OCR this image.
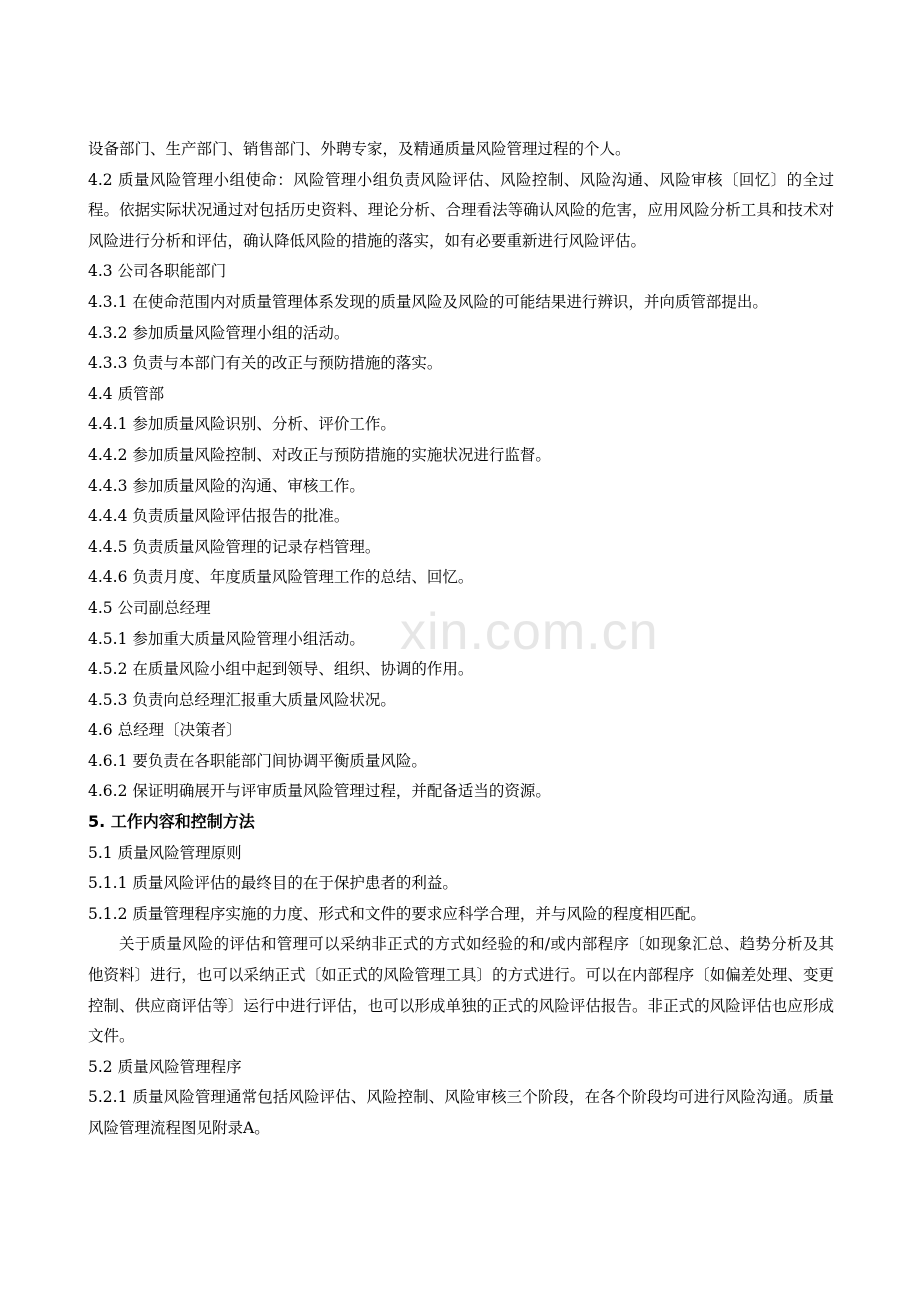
xin.com.cn

设备部门、生产部门、销售部门、外聘专家，及精通质量风险管理过程的个人。

4.2 质量风险管理小组使命：风险管理小组负责风险评估、风险控制、风险沟通、风险审核〔回忆〕的全过程。依据实际状况通过对包括历史资料、理论分析、合理看法等确认风险的危害，应用风险分析工具和技术对风险进行分析和评估，确认降低风险的措施的落实，如有必要重新进行风险评估。

4.3 公司各职能部门

4.3.1 在使命范围内对质量管理体系发现的质量风险及风险的可能结果进行辨识，并向质管部提出。

4.3.2 参加质量风险管理小组的活动。

4.3.3 负责与本部门有关的改正与预防措施的落实。

4.4 质管部

4.4.1 参加质量风险识别、分析、评价工作。

4.4.2 参加质量风险控制、对改正与预防措施的实施状况进行监督。

4.4.3 参加质量风险的沟通、审核工作。

4.4.4 负责质量风险评估报告的批准。

4.4.5 负责质量风险管理的记录存档管理。

4.4.6 负责月度、年度质量风险管理工作的总结、回忆。

4.5 公司副总经理

4.5.1 参加重大质量风险管理小组活动。

4.5.2 在质量风险小组中起到领导、组织、协调的作用。

4.5.3 负责向总经理汇报重大质量风险状况。

4.6 总经理〔决策者〕

4.6.1 要负责在各职能部门间协调平衡质量风险。

4.6.2 保证明确展开与评审质量风险管理过程，并配备适当的资源。

5. 工作内容和控制方法

5.1 质量风险管理原则

5.1.1 质量风险评估的最终目的在于保护患者的利益。

5.1.2 质量管理程序实施的力度、形式和文件的要求应科学合理，并与风险的程度相匹配。

关于质量风险的评估和管理可以采纳非正式的方式如经验的和/或内部程序〔如现象汇总、趋势分析及其他资料〕进行，也可以采纳正式〔如正式的风险管理工具〕的方式进行。可以在内部程序〔如偏差处理、变更控制、供应商评估等〕运行中进行评估，也可以形成单独的正式的风险评估报告。非正式的风险评估也应形成文件。

5.2 质量风险管理程序

5.2.1 质量风险管理通常包括风险评估、风险控制、风险审核三个阶段，在各个阶段均可进行风险沟通。质量风险管理流程图见附录A。
